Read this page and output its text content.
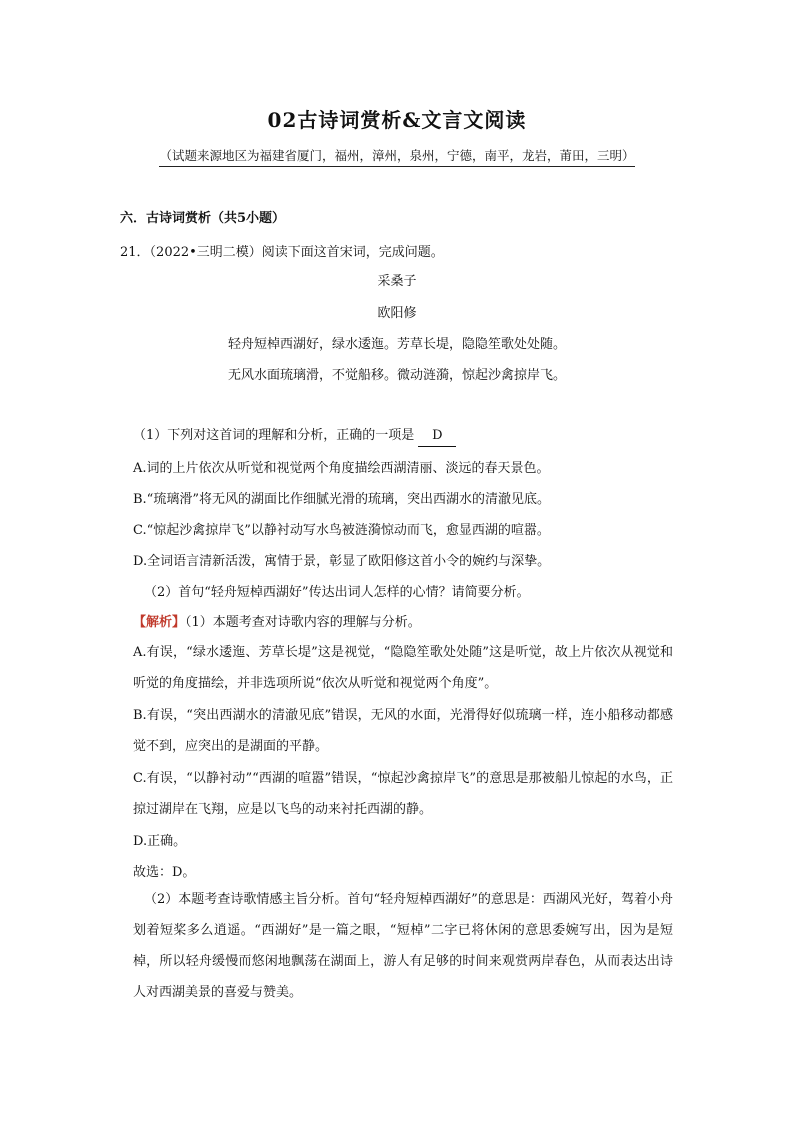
02古诗词赏析&文言文阅读
（试题来源地区为福建省厦门，福州，漳州，泉州，宁德，南平，龙岩，莆田，三明）
六．古诗词赏析（共5小题）
21．（2022•三明二模）阅读下面这首宋词，完成问题。
采桑子
欧阳修
轻舟短棹西湖好，绿水逶迤。芳草长堤，隐隐笙歌处处随。
无风水面琉璃滑，不觉船移。微动涟漪，惊起沙禽掠岸飞。
（1）下列对这首词的理解和分析，正确的一项是 D
A.词的上片依次从听觉和视觉两个角度描绘西湖清丽、淡远的春天景色。
B.“琉璃滑”将无风的湖面比作细腻光滑的琉璃，突出西湖水的清澈见底。
C.“惊起沙禽掠岸飞”以静衬动写水鸟被涟漪惊动而飞，愈显西湖的喧嚣。
D.全词语言清新活泼，寓情于景，彰显了欧阳修这首小令的婉约与深挚。
（2）首句“轻舟短棹西湖好”传达出词人怎样的心情？请简要分析。
【解析】（1）本题考查对诗歌内容的理解与分析。
A.有误，“绿水逶迤、芳草长堤”这是视觉，“隐隐笙歌处处随”这是听觉，故上片依次从视觉和听觉的角度描绘，并非选项所说“依次从听觉和视觉两个角度”。
B.有误，“突出西湖水的清澈见底”错误，无风的水面，光滑得好似琉璃一样，连小船移动都感觉不到，应突出的是湖面的平静。
C.有误，“以静衬动”“西湖的喧嚣”错误，“惊起沙禽掠岸飞”的意思是那被船儿惊起的水鸟，正掠过湖岸在飞翔，应是以飞鸟的动来衬托西湖的静。
D.正确。
故选：D。
（2）本题考查诗歌情感主旨分析。首句“轻舟短棹西湖好”的意思是：西湖风光好，驾着小舟划着短桨多么逍遥。“西湖好”是一篇之眼，“短棹”二字已将休闲的意思委婉写出，因为是短棹，所以轻舟缓慢而悠闲地飘荡在湖面上，游人有足够的时间来观赏两岸春色，从而表达出诗人对西湖美景的喜爱与赞美。
